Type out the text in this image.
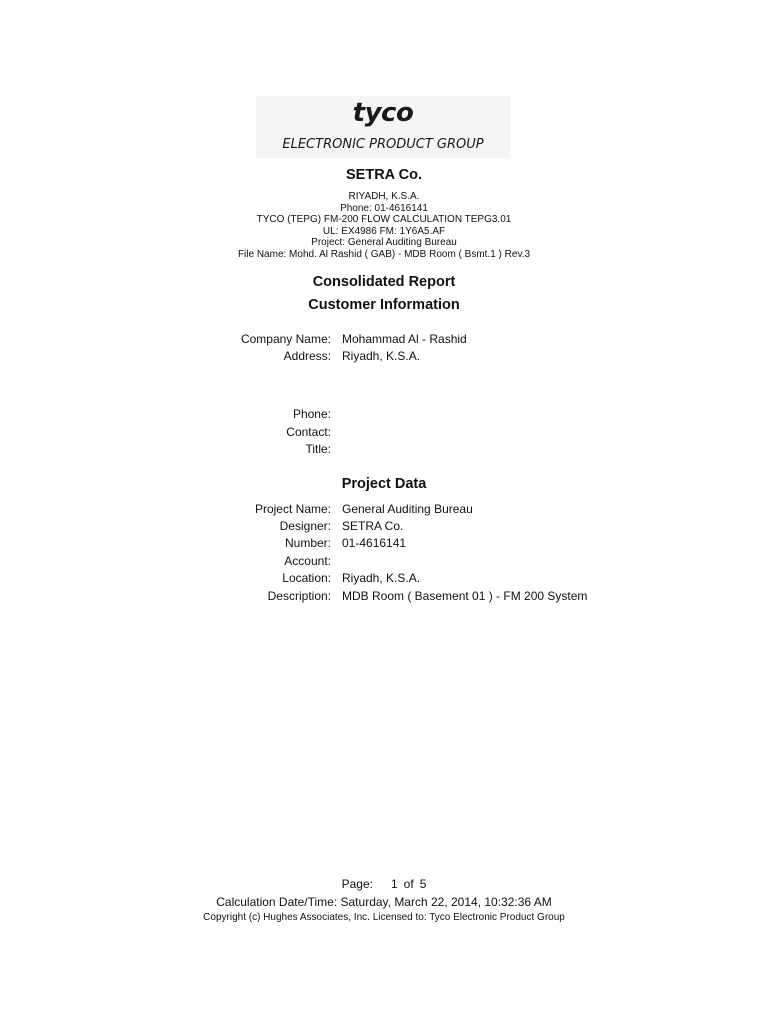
tyco
ELECTRONIC PRODUCT GROUP
SETRA Co.
RIYADH, K.S.A.
Phone: 01-4616141
TYCO (TEPG) FM-200 FLOW CALCULATION TEPG3.01
UL: EX4986 FM: 1Y6A5.AF
Project: General Auditing Bureau
File Name: Mohd. Al Rashid ( GAB) - MDB Room ( Bsmt.1 ) Rev.3
Consolidated Report
Customer Information
Company Name: Mohammad Al - Rashid
Address: Riyadh, K.S.A.
Phone:
Contact:
Title:
Project Data
Project Name: General Auditing Bureau
Designer: SETRA Co.
Number: 01-4616141
Account:
Location: Riyadh, K.S.A.
Description: MDB Room ( Basement 01 ) - FM 200 System
Page: 1 of 5
Calculation Date/Time: Saturday, March 22, 2014, 10:32:36 AM
Copyright (c) Hughes Associates, Inc. Licensed to: Tyco Electronic Product Group
